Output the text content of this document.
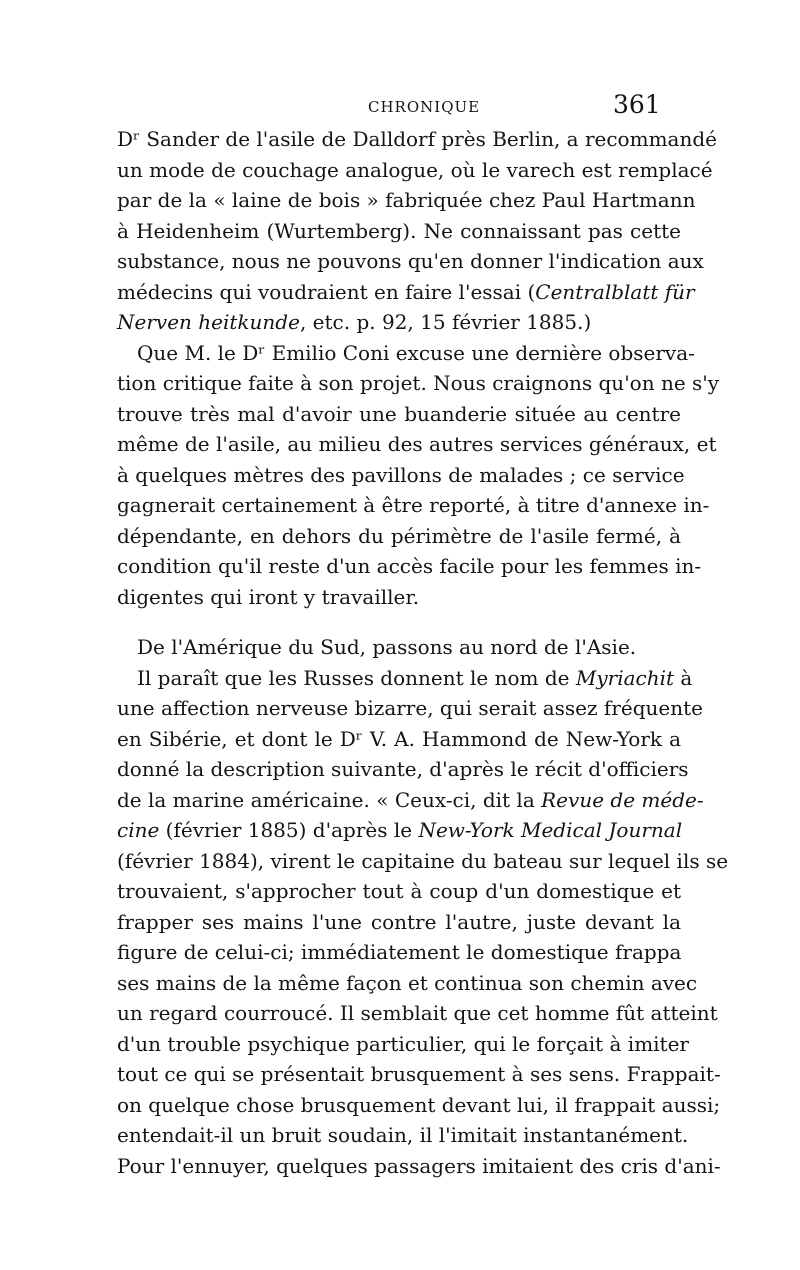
CHRONIQUE	361
Dʳ Sander de l'asile de Dalldorf près Berlin, a recommandé
un mode de couchage analogue, où le varech est remplacé
par de la « laine de bois » fabriquée chez Paul Hartmann
à Heidenheim (Wurtemberg). Ne connaissant pas cette
substance, nous ne pouvons qu'en donner l'indication aux
médecins qui voudraient en faire l'essai (Centralblatt für
Nerven heitkunde, etc. p. 92, 15 février 1885.)
Que M. le Dʳ Emilio Coni excuse une dernière observa-
tion critique faite à son projet. Nous craignons qu'on ne s'y
trouve très mal d'avoir une buanderie située au centre
même de l'asile, au milieu des autres services généraux, et
à quelques mètres des pavillons de malades ; ce service
gagnerait certainement à être reporté, à titre d'annexe in-
dépendante, en dehors du périmètre de l'asile fermé, à
condition qu'il reste d'un accès facile pour les femmes in-
digentes qui iront y travailler.
De l'Amérique du Sud, passons au nord de l'Asie.
Il paraît que les Russes donnent le nom de Myriachit à
une affection nerveuse bizarre, qui serait assez fréquente
en Sibérie, et dont le Dʳ V. A. Hammond de New-York a
donné la description suivante, d'après le récit d'officiers
de la marine américaine. « Ceux-ci, dit la Revue de méde-
cine (février 1885) d'après le New-York Medical Journal
(février 1884), virent le capitaine du bateau sur lequel ils se
trouvaient, s'approcher tout à coup d'un domestique et
frapper ses mains l'une contre l'autre, juste devant la
figure de celui-ci; immédiatement le domestique frappa
ses mains de la même façon et continua son chemin avec
un regard courroucé. Il semblait que cet homme fût atteint
d'un trouble psychique particulier, qui le forçait à imiter
tout ce qui se présentait brusquement à ses sens. Frappait-
on quelque chose brusquement devant lui, il frappait aussi;
entendait-il un bruit soudain, il l'imitait instantanément.
Pour l'ennuyer, quelques passagers imitaient des cris d'ani-
